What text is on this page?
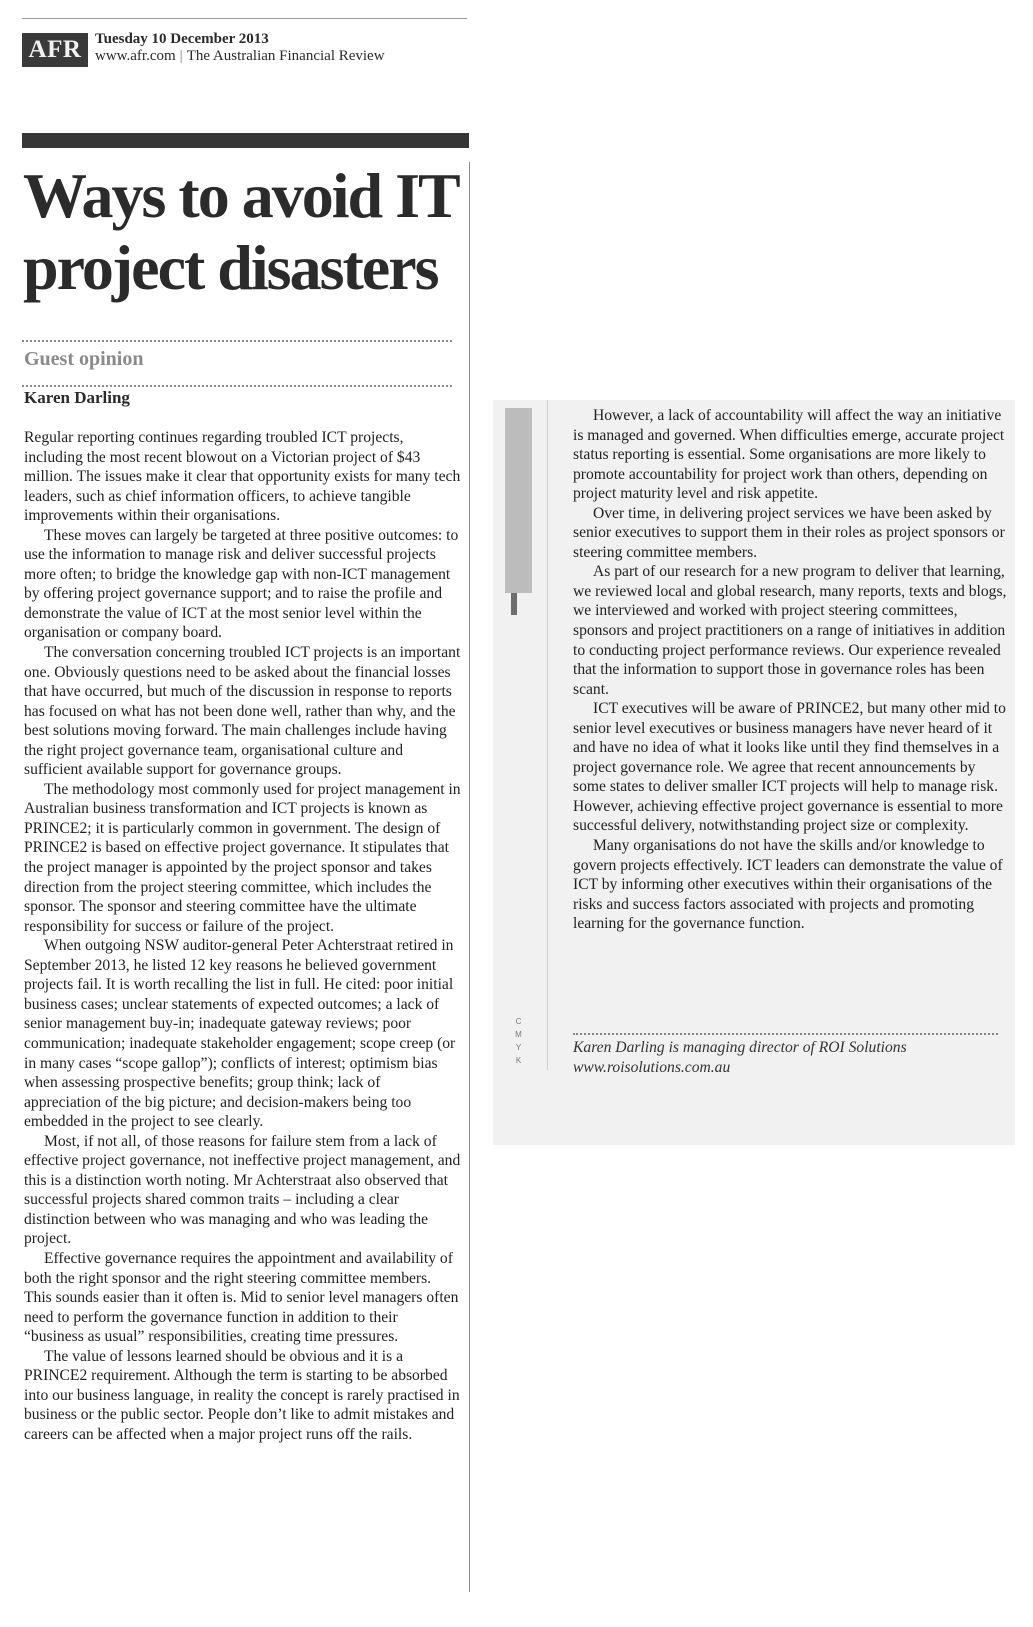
AFR Tuesday 10 December 2013
www.afr.com | The Australian Financial Review
Ways to avoid IT
project disasters
Guest opinion
Karen Darling

Regular reporting continues regarding troubled ICT projects, including the most recent blowout on a Victorian project of $43 million. The issues make it clear that opportunity exists for many tech leaders, such as chief information officers, to achieve tangible improvements within their organisations.

These moves can largely be targeted at three positive outcomes: to use the information to manage risk and deliver successful projects more often; to bridge the knowledge gap with non-ICT management by offering project governance support; and to raise the profile and demonstrate the value of ICT at the most senior level within the organisation or company board.

The conversation concerning troubled ICT projects is an important one. Obviously questions need to be asked about the financial losses that have occurred, but much of the discussion in response to reports has focused on what has not been done well, rather than why, and the best solutions moving forward. The main challenges include having the right project governance team, organisational culture and sufficient available support for governance groups.

The methodology most commonly used for project management in Australian business transformation and ICT projects is known as PRINCE2; it is particularly common in government. The design of PRINCE2 is based on effective project governance. It stipulates that the project manager is appointed by the project sponsor and takes direction from the project steering committee, which includes the sponsor. The sponsor and steering committee have the ultimate responsibility for success or failure of the project.

When outgoing NSW auditor-general Peter Achterstraat retired in September 2013, he listed 12 key reasons he believed government projects fail. It is worth recalling the list in full. He cited: poor initial business cases; unclear statements of expected outcomes; a lack of senior management buy-in; inadequate gateway reviews; poor communication; inadequate stakeholder engagement; scope creep (or in many cases “scope gallop”); conflicts of interest; optimism bias when assessing prospective benefits; group think; lack of appreciation of the big picture; and decision-makers being too embedded in the project to see clearly.

Most, if not all, of those reasons for failure stem from a lack of effective project governance, not ineffective project management, and this is a distinction worth noting. Mr Achterstraat also observed that successful projects shared common traits – including a clear distinction between who was managing and who was leading the project.

Effective governance requires the appointment and availability of both the right sponsor and the right steering committee members. This sounds easier than it often is. Mid to senior level managers often need to perform the governance function in addition to their “business as usual” responsibilities, creating time pressures.

The value of lessons learned should be obvious and it is a PRINCE2 requirement. Although the term is starting to be absorbed into our business language, in reality the concept is rarely practised in business or the public sector. People don’t like to admit mistakes and careers can be affected when a major project runs off the rails.

C
M
Y
K

However, a lack of accountability will affect the way an initiative is managed and governed. When difficulties emerge, accurate project status reporting is essential. Some organisations are more likely to promote accountability for project work than others, depending on project maturity level and risk appetite.

Over time, in delivering project services we have been asked by senior executives to support them in their roles as project sponsors or steering committee members.

As part of our research for a new program to deliver that learning, we reviewed local and global research, many reports, texts and blogs, we interviewed and worked with project steering committees, sponsors and project practitioners on a range of initiatives in addition to conducting project performance reviews. Our experience revealed that the information to support those in governance roles has been scant.

ICT executives will be aware of PRINCE2, but many other mid to senior level executives or business managers have never heard of it and have no idea of what it looks like until they find themselves in a project governance role. We agree that recent announcements by some states to deliver smaller ICT projects will help to manage risk. However, achieving effective project governance is essential to more successful delivery, notwithstanding project size or complexity.

Many organisations do not have the skills and/or knowledge to govern projects effectively. ICT leaders can demonstrate the value of ICT by informing other executives within their organisations of the risks and success factors associated with projects and promoting learning for the governance function.

Karen Darling is managing director of ROI Solutions
www.roisolutions.com.au
